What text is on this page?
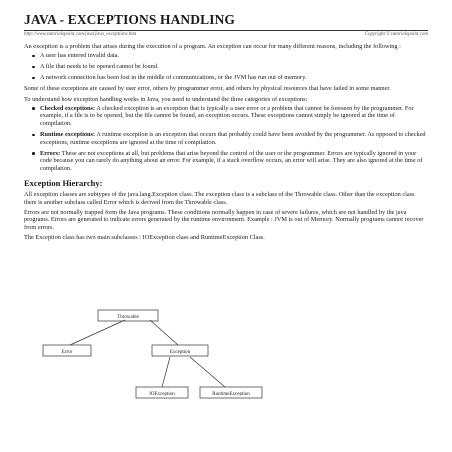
JAVA - EXCEPTIONS HANDLING
http://www.tutorialspoint.com/java/java_exceptions.htm	Copyright © tutorialspoint.com

An exception is a problem that arises during the execution of a program. An exception can occur for many different reasons, including the following :

A user has entered invalid data.
A file that needs to be opened cannot be found.
A network connection has been lost in the middle of communications, or the JVM has run out of memory.

Some of these exceptions are caused by user error, others by programmer error, and others by physical resources that have failed in some manner.

To understand how exception handling works in Java, you need to understand the three categories of exceptions:

Checked exceptions: A checked exception is an exception that is typically a user error or a problem that cannot be foreseen by the programmer. For example, if a file is to be opened, but the file cannot be found, an exception occurs. These exceptions cannot simply be ignored at the time of compilation.
Runtime exceptions: A runtime exception is an exception that occurs that probably could have been avoided by the programmer. As opposed to checked exceptions, runtime exceptions are ignored at the time of compilation.
Errors: These are not exceptions at all, but problems that arise beyond the control of the user or the programmer. Errors are typically ignored in your code because you can rarely do anything about an error. For example, if a stack overflow occurs, an error will arise. They are also ignored at the time of compilation.
Exception Hierarchy:

All exception classes are subtypes of the java.lang.Exception class. The exception class is a subclass of the Throwable class. Other than the exception class there is another subclass called Error which is derived from the Throwable class.

Errors are not normally trapped form the Java programs. These conditions normally happen in case of severe failures, which are not handled by the java programs. Errors are generated to indicate errors generated by the runtime environment. Example : JVM is out of Memory. Normally programs cannot recover from errors.

The Exception class has two main subclasses : IOException class and RuntimeException Class.

Throwable
Error	Exception
IOException	RuntimeException
